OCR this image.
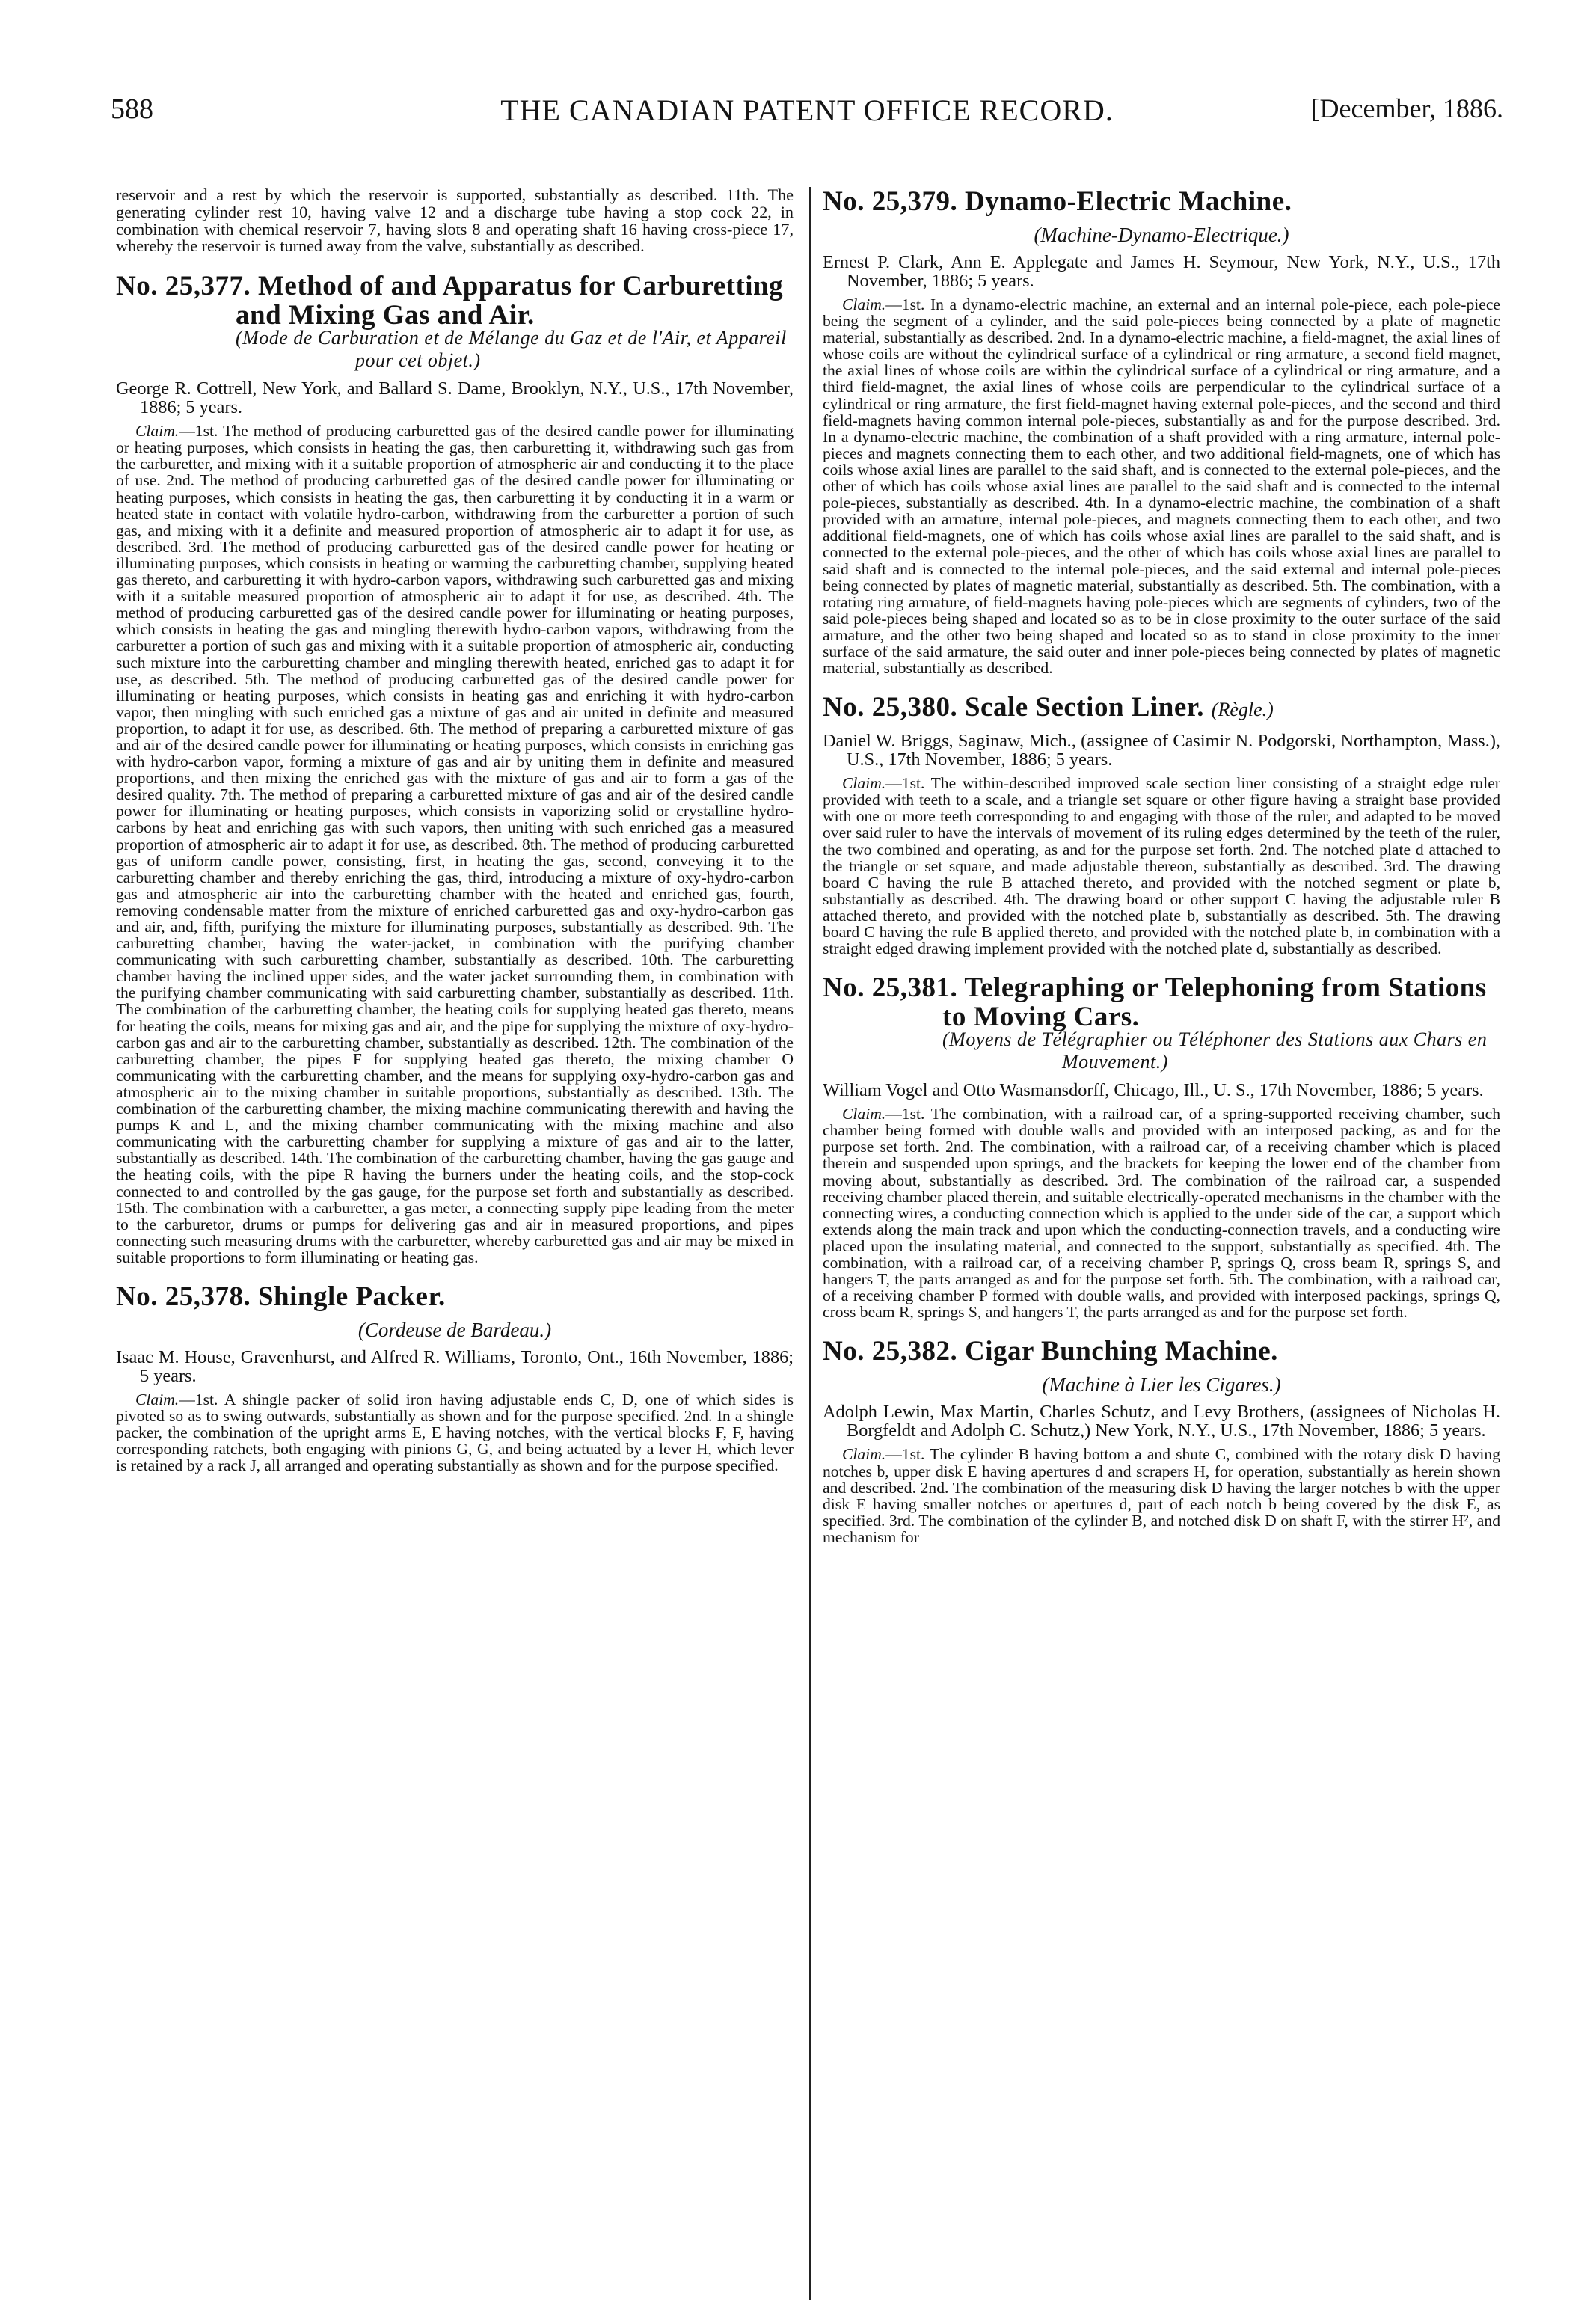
588	THE CANADIAN PATENT OFFICE RECORD.	[December, 1886.

reservoir and a rest by which the reservoir is supported, substantially as described. 11th. The generating cylinder rest 10, having valve 12 and a discharge tube having a stop cock 22, in combination with chemical reservoir 7, having slots 8 and operating shaft 16 having cross-piece 17, whereby the reservoir is turned away from the valve, substantially as described.

No. 25,377. Method of and Apparatus for Carburetting and Mixing Gas and Air.
(Mode de Carburation et de Mélange du Gaz et de l'Air, et Appareil pour cet objet.)

George R. Cottrell, New York, and Ballard S. Dame, Brooklyn, N.Y., U.S., 17th November, 1886; 5 years.

Claim.—1st. The method of producing carburetted gas of the desired candle power for illuminating or heating purposes, which consists in heating the gas, then carburetting it, withdrawing such gas from the carburetter, and mixing with it a suitable proportion of atmospheric air and conducting it to the place of use. 2nd. The method of producing carburetted gas of the desired candle power for illuminating or heating purposes, which consists in heating the gas, then carburetting it by conducting it in a warm or heated state in contact with volatile hydro-carbon, withdrawing from the carburetter a portion of such gas, and mixing with it a definite and measured proportion of atmospheric air to adapt it for use, as described. 3rd. The method of producing carburetted gas of the desired candle power for heating or illuminating purposes, which consists in heating or warming the carburetting chamber, supplying heated gas thereto, and carburetting it with hydro-carbon vapors, withdrawing such carburetted gas and mixing with it a suitable measured proportion of atmospheric air to adapt it for use, as described. 4th. The method of producing carburetted gas of the desired candle power for illuminating or heating purposes, which consists in heating the gas and mingling therewith hydro-carbon vapors, withdrawing from the carburetter a portion of such gas and mixing with it a suitable proportion of atmospheric air, conducting such mixture into the carburetting chamber and mingling therewith heated, enriched gas to adapt it for use, as described. 5th. The method of producing carburetted gas of the desired candle power for illuminating or heating purposes, which consists in heating gas and enriching it with hydro-carbon vapor, then mingling with such enriched gas a mixture of gas and air united in definite and measured proportion, to adapt it for use, as described. 6th. The method of preparing a carburetted mixture of gas and air of the desired candle power for illuminating or heating purposes, which consists in enriching gas with hydro-carbon vapor, forming a mixture of gas and air by uniting them in definite and measured proportions, and then mixing the enriched gas with the mixture of gas and air to form a gas of the desired quality. 7th. The method of preparing a carburetted mixture of gas and air of the desired candle power for illuminating or heating purposes, which consists in vaporizing solid or crystalline hydro-carbons by heat and enriching gas with such vapors, then uniting with such enriched gas a measured proportion of atmospheric air to adapt it for use, as described. 8th. The method of producing carburetted gas of uniform candle power, consisting, first, in heating the gas, second, conveying it to the carburetting chamber and thereby enriching the gas, third, introducing a mixture of oxy-hydro-carbon gas and atmospheric air into the carburetting chamber with the heated and enriched gas, fourth, removing condensable matter from the mixture of enriched carburetted gas and oxy-hydro-carbon gas and air, and, fifth, purifying the mixture for illuminating purposes, substantially as described. 9th. The carburetting chamber, having the water-jacket, in combination with the purifying chamber communicating with such carburetting chamber, substantially as described. 10th. The carburetting chamber having the inclined upper sides, and the water jacket surrounding them, in combination with the purifying chamber communicating with said carburetting chamber, substantially as described. 11th. The combination of the carburetting chamber, the heating coils for supplying heated gas thereto, means for heating the coils, means for mixing gas and air, and the pipe for supplying the mixture of oxy-hydro-carbon gas and air to the carburetting chamber, substantially as described. 12th. The combination of the carburetting chamber, the pipes F for supplying heated gas thereto, the mixing chamber O communicating with the carburetting chamber, and the means for supplying oxy-hydro-carbon gas and atmospheric air to the mixing chamber in suitable proportions, substantially as described. 13th. The combination of the carburetting chamber, the mixing machine communicating therewith and having the pumps K and L, and the mixing chamber communicating with the mixing machine and also communicating with the carburetting chamber for supplying a mixture of gas and air to the latter, substantially as described. 14th. The combination of the carburetting chamber, having the gas gauge and the heating coils, with the pipe R having the burners under the heating coils, and the stop-cock connected to and controlled by the gas gauge, for the purpose set forth and substantially as described. 15th. The combination with a carburetter, a gas meter, a connecting supply pipe leading from the meter to the carburetor, drums or pumps for delivering gas and air in measured proportions, and pipes connecting such measuring drums with the carburetter, whereby carburetted gas and air may be mixed in suitable proportions to form illuminating or heating gas.

No. 25,378. Shingle Packer.
(Cordeuse de Bardeau.)

Isaac M. House, Gravenhurst, and Alfred R. Williams, Toronto, Ont., 16th November, 1886; 5 years.

Claim.—1st. A shingle packer of solid iron having adjustable ends C, D, one of which sides is pivoted so as to swing outwards, substantially as shown and for the purpose specified. 2nd. In a shingle packer, the combination of the upright arms E, E having notches, with the vertical blocks F, F, having corresponding ratchets, both engaging with pinions G, G, and being actuated by a lever H, which lever is retained by a rack J, all arranged and operating substantially as shown and for the purpose specified.

No. 25,379. Dynamo-Electric Machine.
(Machine-Dynamo-Electrique.)

Ernest P. Clark, Ann E. Applegate and James H. Seymour, New York, N.Y., U.S., 17th November, 1886; 5 years.

Claim.—1st. In a dynamo-electric machine, an external and an internal pole-piece, each pole-piece being the segment of a cylinder, and the said pole-pieces being connected by a plate of magnetic material, substantially as described. 2nd. In a dynamo-electric machine, a field-magnet, the axial lines of whose coils are without the cylindrical surface of a cylindrical or ring armature, a second field magnet, the axial lines of whose coils are within the cylindrical surface of a cylindrical or ring armature, and a third field-magnet, the axial lines of whose coils are perpendicular to the cylindrical surface of a cylindrical or ring armature, the first field-magnet having external pole-pieces, and the second and third field-magnets having common internal pole-pieces, substantially as and for the purpose described. 3rd. In a dynamo-electric machine, the combination of a shaft provided with a ring armature, internal pole-pieces and magnets connecting them to each other, and two additional field-magnets, one of which has coils whose axial lines are parallel to the said shaft, and is connected to the external pole-pieces, and the other of which has coils whose axial lines are parallel to the said shaft and is connected to the internal pole-pieces, substantially as described. 4th. In a dynamo-electric machine, the combination of a shaft provided with an armature, internal pole-pieces, and magnets connecting them to each other, and two additional field-magnets, one of which has coils whose axial lines are parallel to the said shaft, and is connected to the external pole-pieces, and the other of which has coils whose axial lines are parallel to said shaft and is connected to the internal pole-pieces, and the said external and internal pole-pieces being connected by plates of magnetic material, substantially as described. 5th. The combination, with a rotating ring armature, of field-magnets having pole-pieces which are segments of cylinders, two of the said pole-pieces being shaped and located so as to be in close proximity to the outer surface of the said armature, and the other two being shaped and located so as to stand in close proximity to the inner surface of the said armature, the said outer and inner pole-pieces being connected by plates of magnetic material, substantially as described.

No. 25,380. Scale Section Liner. (Règle.)

Daniel W. Briggs, Saginaw, Mich., (assignee of Casimir N. Podgorski, Northampton, Mass.), U.S., 17th November, 1886; 5 years.

Claim.—1st. The within-described improved scale section liner consisting of a straight edge ruler provided with teeth to a scale, and a triangle set square or other figure having a straight base provided with one or more teeth corresponding to and engaging with those of the ruler, and adapted to be moved over said ruler to have the intervals of movement of its ruling edges determined by the teeth of the ruler, the two combined and operating, as and for the purpose set forth. 2nd. The notched plate d attached to the triangle or set square, and made adjustable thereon, substantially as described. 3rd. The drawing board C having the rule B attached thereto, and provided with the notched segment or plate b, substantially as described. 4th. The drawing board or other support C having the adjustable ruler B attached thereto, and provided with the notched plate b, substantially as described. 5th. The drawing board C having the rule B applied thereto, and provided with the notched plate b, in combination with a straight edged drawing implement provided with the notched plate d, substantially as described.

No. 25,381. Telegraphing or Telephoning from Stations to Moving Cars.
(Moyens de Télégraphier ou Téléphoner des Stations aux Chars en Mouvement.)

William Vogel and Otto Wasmansdorff, Chicago, Ill., U. S., 17th November, 1886; 5 years.

Claim.—1st. The combination, with a railroad car, of a spring-supported receiving chamber, such chamber being formed with double walls and provided with an interposed packing, as and for the purpose set forth. 2nd. The combination, with a railroad car, of a receiving chamber which is placed therein and suspended upon springs, and the brackets for keeping the lower end of the chamber from moving about, substantially as described. 3rd. The combination of the railroad car, a suspended receiving chamber placed therein, and suitable electrically-operated mechanisms in the chamber with the connecting wires, a conducting connection which is applied to the under side of the car, a support which extends along the main track and upon which the conducting-connection travels, and a conducting wire placed upon the insulating material, and connected to the support, substantially as specified. 4th. The combination, with a railroad car, of a receiving chamber P, springs Q, cross beam R, springs S, and hangers T, the parts arranged as and for the purpose set forth. 5th. The combination, with a railroad car, of a receiving chamber P formed with double walls, and provided with interposed packings, springs Q, cross beam R, springs S, and hangers T, the parts arranged as and for the purpose set forth.

No. 25,382. Cigar Bunching Machine.
(Machine à Lier les Cigares.)

Adolph Lewin, Max Martin, Charles Schutz, and Levy Brothers, (assignees of Nicholas H. Borgfeldt and Adolph C. Schutz,) New York, N.Y., U.S., 17th November, 1886; 5 years.

Claim.—1st. The cylinder B having bottom a and shute C, combined with the rotary disk D having notches b, upper disk E having apertures d and scrapers H, for operation, substantially as herein shown and described. 2nd. The combination of the measuring disk D having the larger notches b with the upper disk E having smaller notches or apertures d, part of each notch b being covered by the disk E, as specified. 3rd. The combination of the cylinder B, and notched disk D on shaft F, with the stirrer H², and mechanism for
